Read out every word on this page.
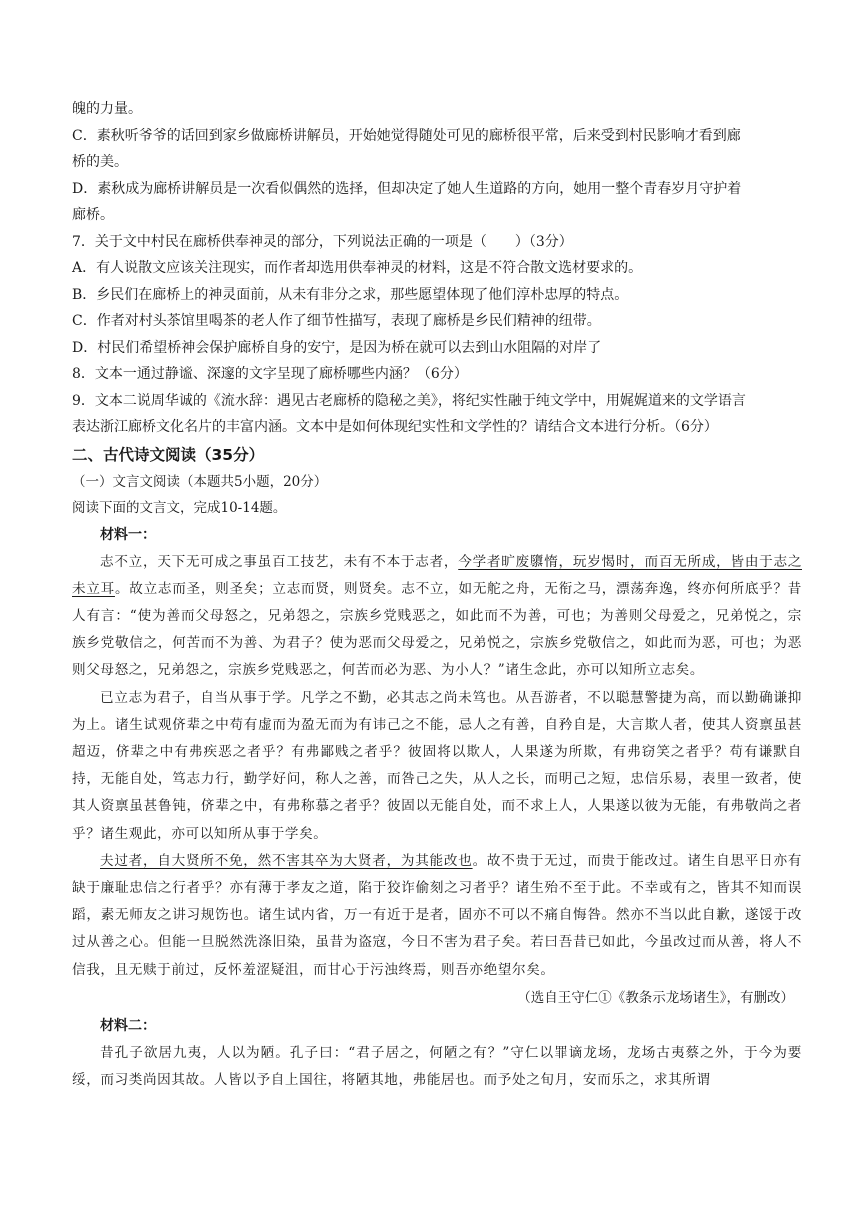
魄的力量。
C．素秋听爷爷的话回到家乡做廊桥讲解员，开始她觉得随处可见的廊桥很平常，后来受到村民影响才看到廊
桥的美。
D．素秋成为廊桥讲解员是一次看似偶然的选择，但却决定了她人生道路的方向，她用一整个青春岁月守护着
廊桥。
7．关于文中村民在廊桥供奉神灵的部分，下列说法正确的一项是（　　）（3分）
A．有人说散文应该关注现实，而作者却选用供奉神灵的材料，这是不符合散文选材要求的。
B．乡民们在廊桥上的神灵面前，从未有非分之求，那些愿望体现了他们淳朴忠厚的特点。
C．作者对村头茶馆里喝茶的老人作了细节性描写，表现了廊桥是乡民们精神的纽带。
D．村民们希望桥神会保护廊桥自身的安宁，是因为桥在就可以去到山水阻隔的对岸了
8．文本一通过静谧、深邃的文字呈现了廊桥哪些内涵？（6分）
9．文本二说周华诚的《流水辞：遇见古老廊桥的隐秘之美》，将纪实性融于纯文学中，用娓娓道来的文学语言
表达浙江廊桥文化名片的丰富内涵。文本中是如何体现纪实性和文学性的？请结合文本进行分析。（6分）
二、古代诗文阅读（35分）
（一）文言文阅读（本题共5小题，20分）
阅读下面的文言文，完成10-14题。
材料一：

志不立，天下无可成之事虽百工技艺，未有不本于志者，今学者旷废隳惰，玩岁愒时，而百无所成，皆由于志之未立耳。故立志而圣，则圣矣；立志而贤，则贤矣。志不立，如无舵之舟，无衔之马，漂荡奔逸，终亦何所底乎？昔人有言：“使为善而父母怒之，兄弟怨之，宗族乡党贱恶之，如此而不为善，可也；为善则父母爱之，兄弟悦之，宗族乡党敬信之，何苦而不为善、为君子？使为恶而父母爱之，兄弟悦之，宗族乡党敬信之，如此而为恶，可也；为恶则父母怒之，兄弟怨之，宗族乡党贱恶之，何苦而必为恶、为小人？”诸生念此，亦可以知所立志矣。

已立志为君子，自当从事于学。凡学之不勤，必其志之尚未笃也。从吾游者，不以聪慧警捷为高，而以勤确谦抑为上。诸生试观侪辈之中苟有虚而为盈无而为有讳己之不能，忌人之有善，自矜自是，大言欺人者，使其人资禀虽甚超迈，侪辈之中有弗疾恶之者乎？有弗鄙贱之者乎？彼固将以欺人，人果遂为所欺，有弗窃笑之者乎？苟有谦默自持，无能自处，笃志力行，勤学好问，称人之善，而咎己之失，从人之长，而明己之短，忠信乐易，表里一致者，使其人资禀虽甚鲁钝，侪辈之中，有弗称慕之者乎？彼固以无能自处，而不求上人，人果遂以彼为无能，有弗敬尚之者乎？诸生观此，亦可以知所从事于学矣。

夫过者，自大贤所不免，然不害其卒为大贤者，为其能改也。故不贵于无过，而贵于能改过。诸生自思平日亦有缺于廉耻忠信之行者乎？亦有薄于孝友之道，陷于狡诈偷刻之习者乎？诸生殆不至于此。不幸或有之，皆其不知而误蹈，素无师友之讲习规饬也。诸生试内省，万一有近于是者，固亦不可以不痛自悔咎。然亦不当以此自歉，遂馁于改过从善之心。但能一旦脱然洗涤旧染，虽昔为盗寇，今日不害为君子矣。若曰吾昔已如此，今虽改过而从善，将人不信我，且无赎于前过，反怀羞涩疑沮，而甘心于污浊终焉，则吾亦绝望尔矣。

（选自王守仁①《教条示龙场诸生》，有删改）
材料二：

昔孔子欲居九夷，人以为陋。孔子曰：“君子居之，何陋之有？”守仁以罪谪龙场，龙场古夷蔡之外，于今为要绥，而习类尚因其故。人皆以予自上国往，将陋其地，弗能居也。而予处之旬月，安而乐之，求其所谓
